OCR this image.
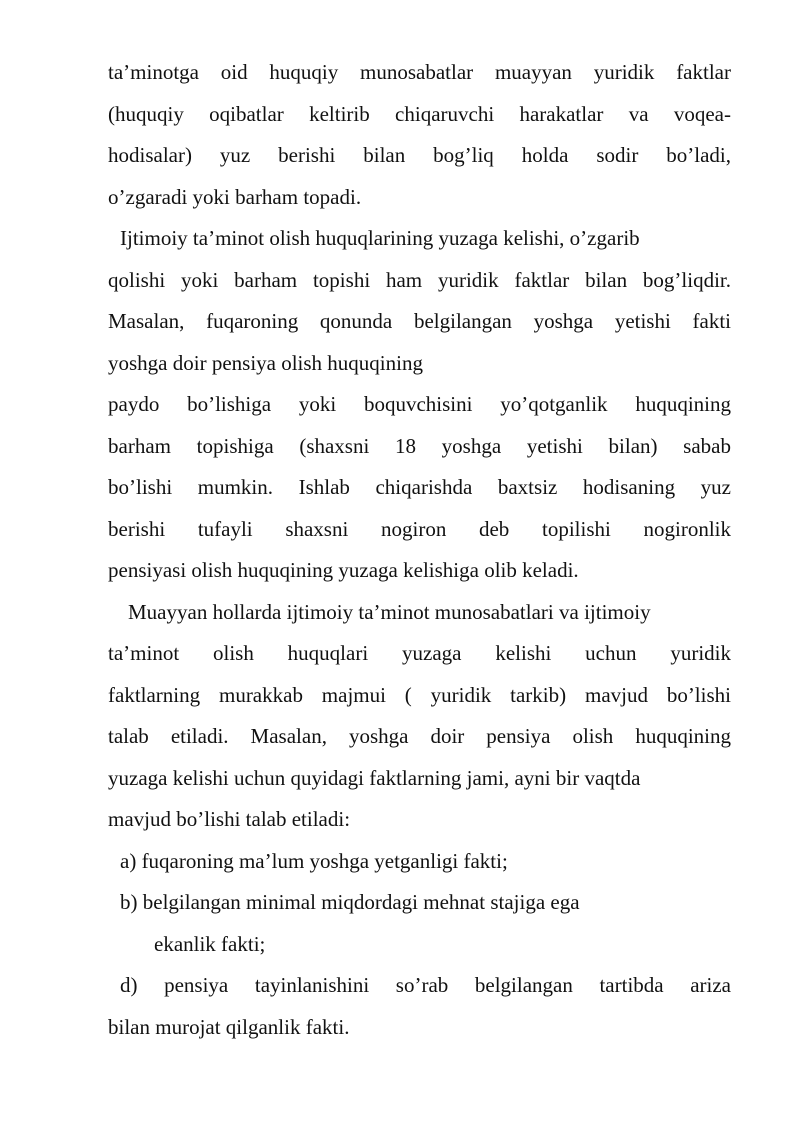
ta’minotga oid huquqiy munosabatlar muayyan yuridik faktlar
(huquqiy oqibatlar keltirib chiqaruvchi harakatlar va voqea-
hodisalar) yuz berishi bilan bog’liq holda sodir bo’ladi,
o’zgaradi yoki barham topadi.
Ijtimoiy ta’minot olish huquqlarining yuzaga kelishi, o’zgarib
qolishi yoki barham topishi ham yuridik faktlar bilan bog’liqdir.
Masalan, fuqaroning qonunda belgilangan yoshga yetishi fakti
yoshga doir pensiya olish huquqining
paydo bo’lishiga yoki boquvchisini yo’qotganlik huquqining
barham topishiga (shaxsni 18 yoshga yetishi bilan) sabab
bo’lishi mumkin. Ishlab chiqarishda baxtsiz hodisaning yuz
berishi tufayli shaxsni nogiron deb topilishi nogironlik
pensiyasi olish huquqining yuzaga kelishiga olib keladi.
Muayyan hollarda ijtimoiy ta’minot munosabatlari va ijtimoiy
ta’minot olish huquqlari yuzaga kelishi uchun yuridik
faktlarning murakkab majmui ( yuridik tarkib) mavjud bo’lishi
talab etiladi. Masalan, yoshga doir pensiya olish huquqining
yuzaga kelishi uchun quyidagi faktlarning jami, ayni bir vaqtda
mavjud bo’lishi talab etiladi:
a) fuqaroning ma’lum yoshga yetganligi fakti;
b) belgilangan minimal miqdordagi mehnat stajiga ega
ekanlik fakti;
d) pensiya tayinlanishini so’rab belgilangan tartibda ariza
bilan murojat qilganlik fakti.
